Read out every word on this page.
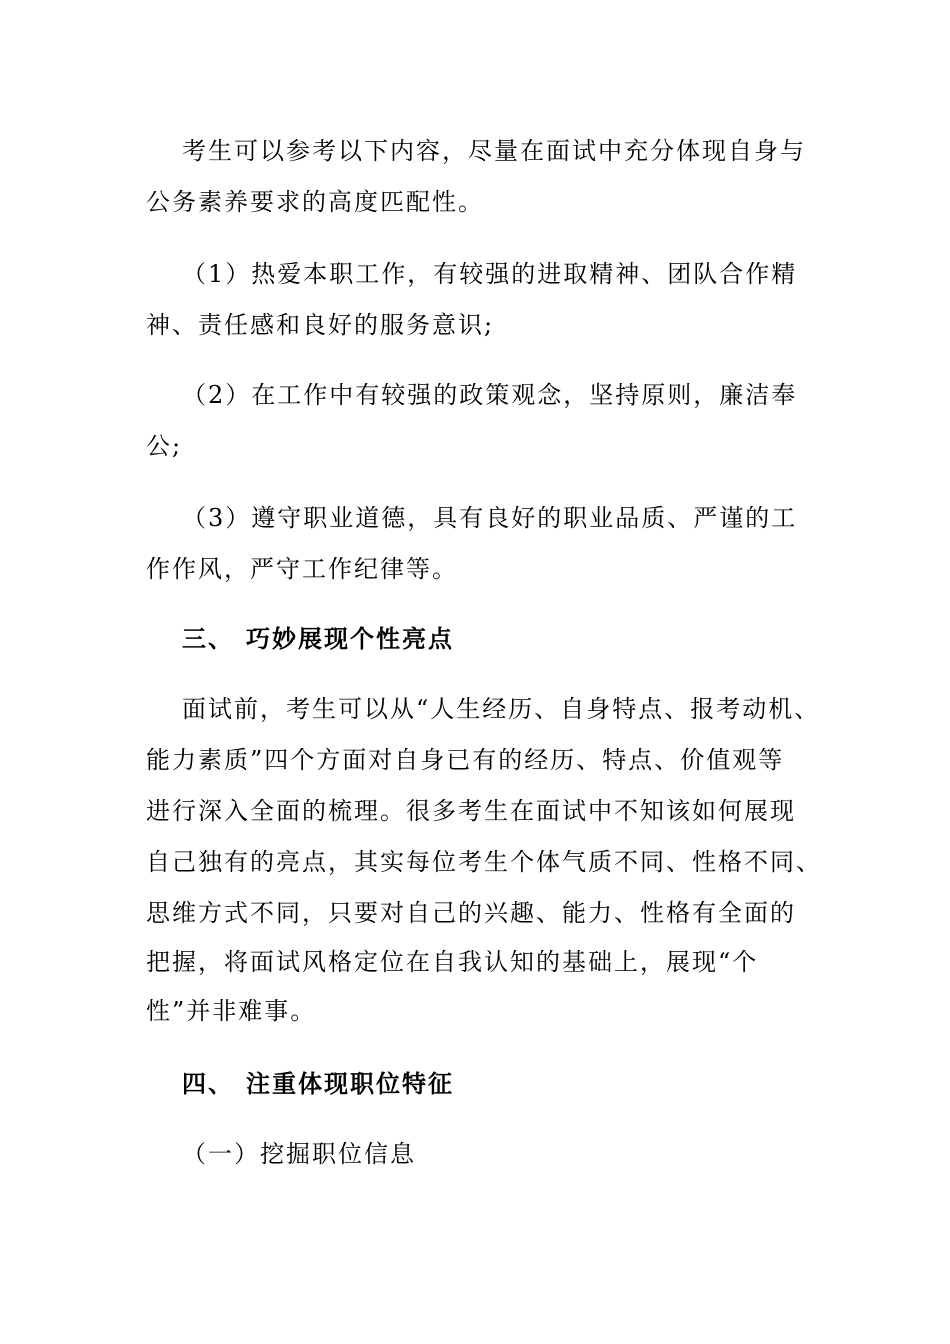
考生可以参考以下内容，尽量在面试中充分体现自身与
公务素养要求的高度匹配性。
（1）热爱本职工作，有较强的进取精神、团队合作精
神、责任感和良好的服务意识;
（2）在工作中有较强的政策观念，坚持原则，廉洁奉
公;
（3）遵守职业道德，具有良好的职业品质、严谨的工
作作风，严守工作纪律等。
三、 巧妙展现个性亮点
面试前，考生可以从“人生经历、自身特点、报考动机、
能力素质”四个方面对自身已有的经历、特点、价值观等
进行深入全面的梳理。很多考生在面试中不知该如何展现
自己独有的亮点，其实每位考生个体气质不同、性格不同、
思维方式不同，只要对自己的兴趣、能力、性格有全面的
把握，将面试风格定位在自我认知的基础上，展现“个
性”并非难事。
四、 注重体现职位特征
（一）挖掘职位信息
